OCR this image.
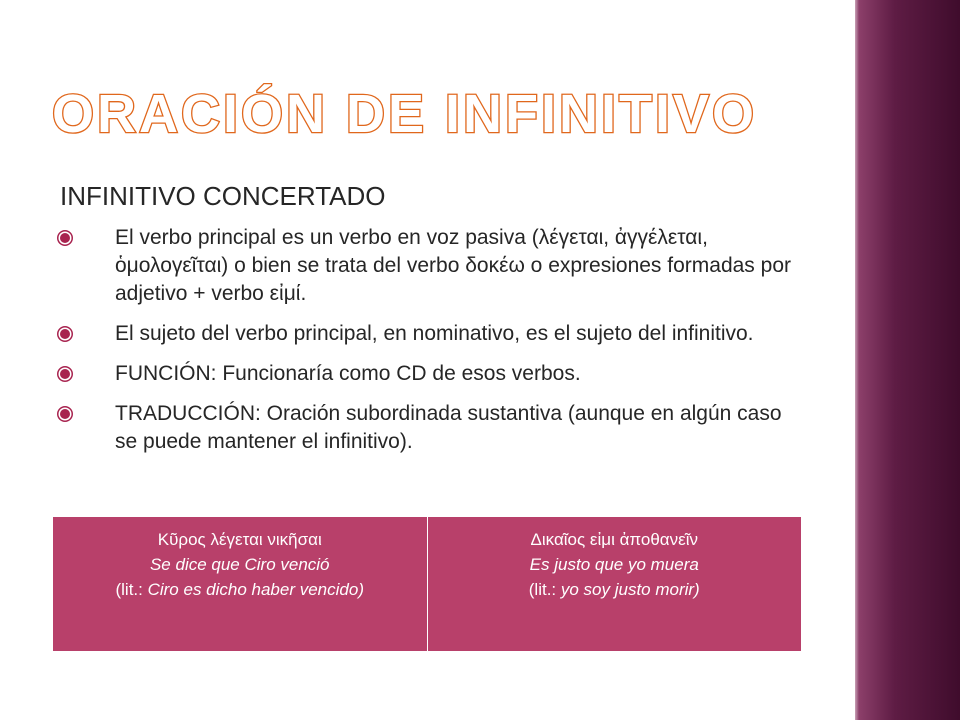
ORACIÓN DE INFINITIVO
INFINITIVO CONCERTADO
El verbo principal es un verbo en voz pasiva (λέγεται, ἀγγέλεται, ὁμολογεῖται) o bien se trata del verbo δοκέω o expresiones formadas por adjetivo + verbo εἰμί.
El sujeto del verbo principal, en nominativo, es el sujeto del infinitivo.
FUNCIÓN: Funcionaría como CD de esos verbos.
TRADUCCIÓN: Oración subordinada sustantiva (aunque en algún caso se puede mantener el infinitivo).
Κῦρος λέγεται νικῆσαι
Se dice que Ciro venció
(lit.: Ciro es dicho haber vencido)

Δικαῖος εἰμι ἀποθανεῖν
Es justo que yo muera
(lit.: yo soy justo morir)
